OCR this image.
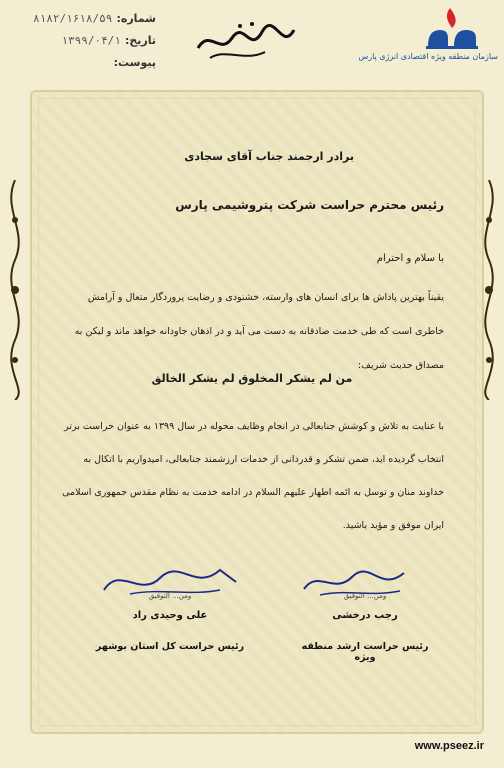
شماره:
۸۱۸۲/۱۶۱۸/۵۹
تاریخ:
۱۳۹۹/۰۴/۱
پیوست:	سازمان منطقه ویژه اقتصادی انرژی پارس
برادر ارجمند جناب آقای سجادی
رئیس محترم حراست شرکت پتروشیمی پارس
با سلام و احترام
یقیناً بهترین پاداش ها برای انسان های وارسته، خشنودی و رضایت پروردگار متعال و آرامش خاطری است که طی خدمت صادقانه به دست می آید و در اذهان جاودانه خواهد ماند و لیکن به مصداق حدیث شریف:
من لم یشکر المخلوق لم یشکر الخالق
با عنایت به تلاش و کوشش جنابعالی در انجام وظایف محوله در سال ۱۳۹۹ به عنوان حراست برتر انتخاب گردیده اید، ضمن تشکر و قدردانی از خدمات ارزشمند جنابعالی، امیدواریم با اتکال به خداوند منان و توسل به ائمه اطهار علیهم السلام در ادامه خدمت به نظام مقدس جمهوری اسلامی ایران موفق و مؤید باشید.
ومن... التوفیق
علی وحیدی راد
رئیس حراست کل استان بوشهر
ومن... التوفیق
رجب درخشی
رئیس حراست ارشد منطقه ویژه
www.pseez.ir
